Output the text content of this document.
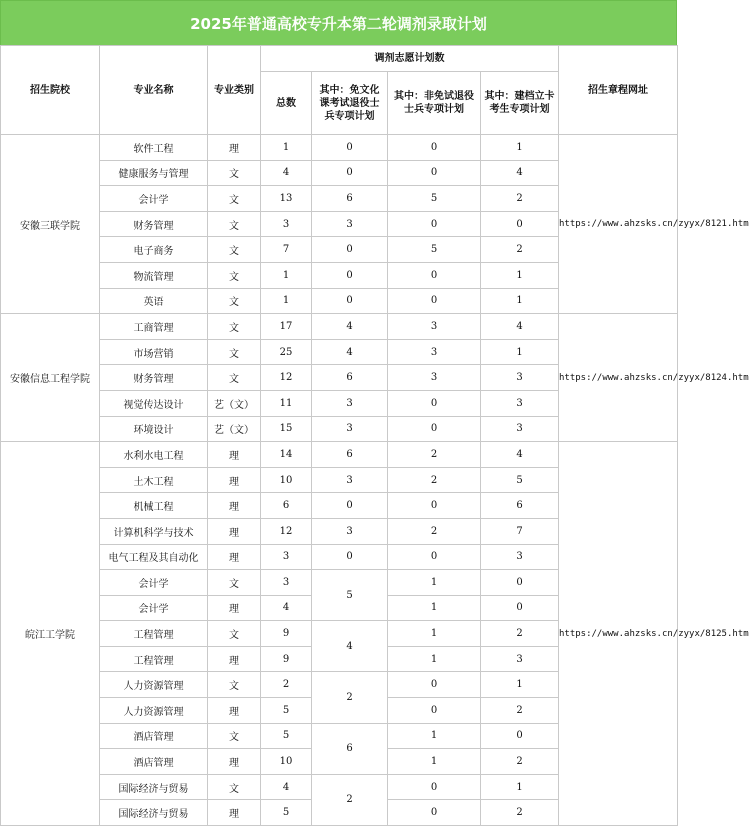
2025年普通高校专升本第二轮调剂录取计划
招生院校	专业名称	专业类别	调剂志愿计划数				招生章程网址
			总数	其中：免文化课考试退役士兵专项计划	其中：非免试退役士兵专项计划	其中：建档立卡考生专项计划	
安徽三联学院	软件工程	理	1	0	0	1	https://www.ahzsks.cn/zyyx/8121.htm
	健康服务与管理	文	4	0	0	4	
	会计学	文	13	6	5	2	
	财务管理	文	3	3	0	0	
	电子商务	文	7	0	5	2	
	物流管理	文	1	0	0	1	
	英语	文	1	0	0	1	
安徽信息工程学院	工商管理	文	17	4	3	4	https://www.ahzsks.cn/zyyx/8124.htm
	市场营销	文	25	4	3	1	
	财务管理	文	12	6	3	3	
	视觉传达设计	艺（文）	11	3	0	3	
	环境设计	艺（文）	15	3	0	3	
皖江工学院	水利水电工程	理	14	6	2	4	https://www.ahzsks.cn/zyyx/8125.htm
	土木工程	理	10	3	2	5	
	机械工程	理	6	0	0	6	
	计算机科学与技术	理	12	3	2	7	
	电气工程及其自动化	理	3	0	0	3	
	会计学	文	3	5	1	0	
	会计学	理	4		1	0	
	工程管理	文	9	4	1	2	
	工程管理	理	9		1	3	
	人力资源管理	文	2	2	0	1	
	人力资源管理	理	5		0	2	
	酒店管理	文	5	6	1	0	
	酒店管理	理	10		1	2	
	国际经济与贸易	文	4	2	0	1	
	国际经济与贸易	理	5		0	2	
